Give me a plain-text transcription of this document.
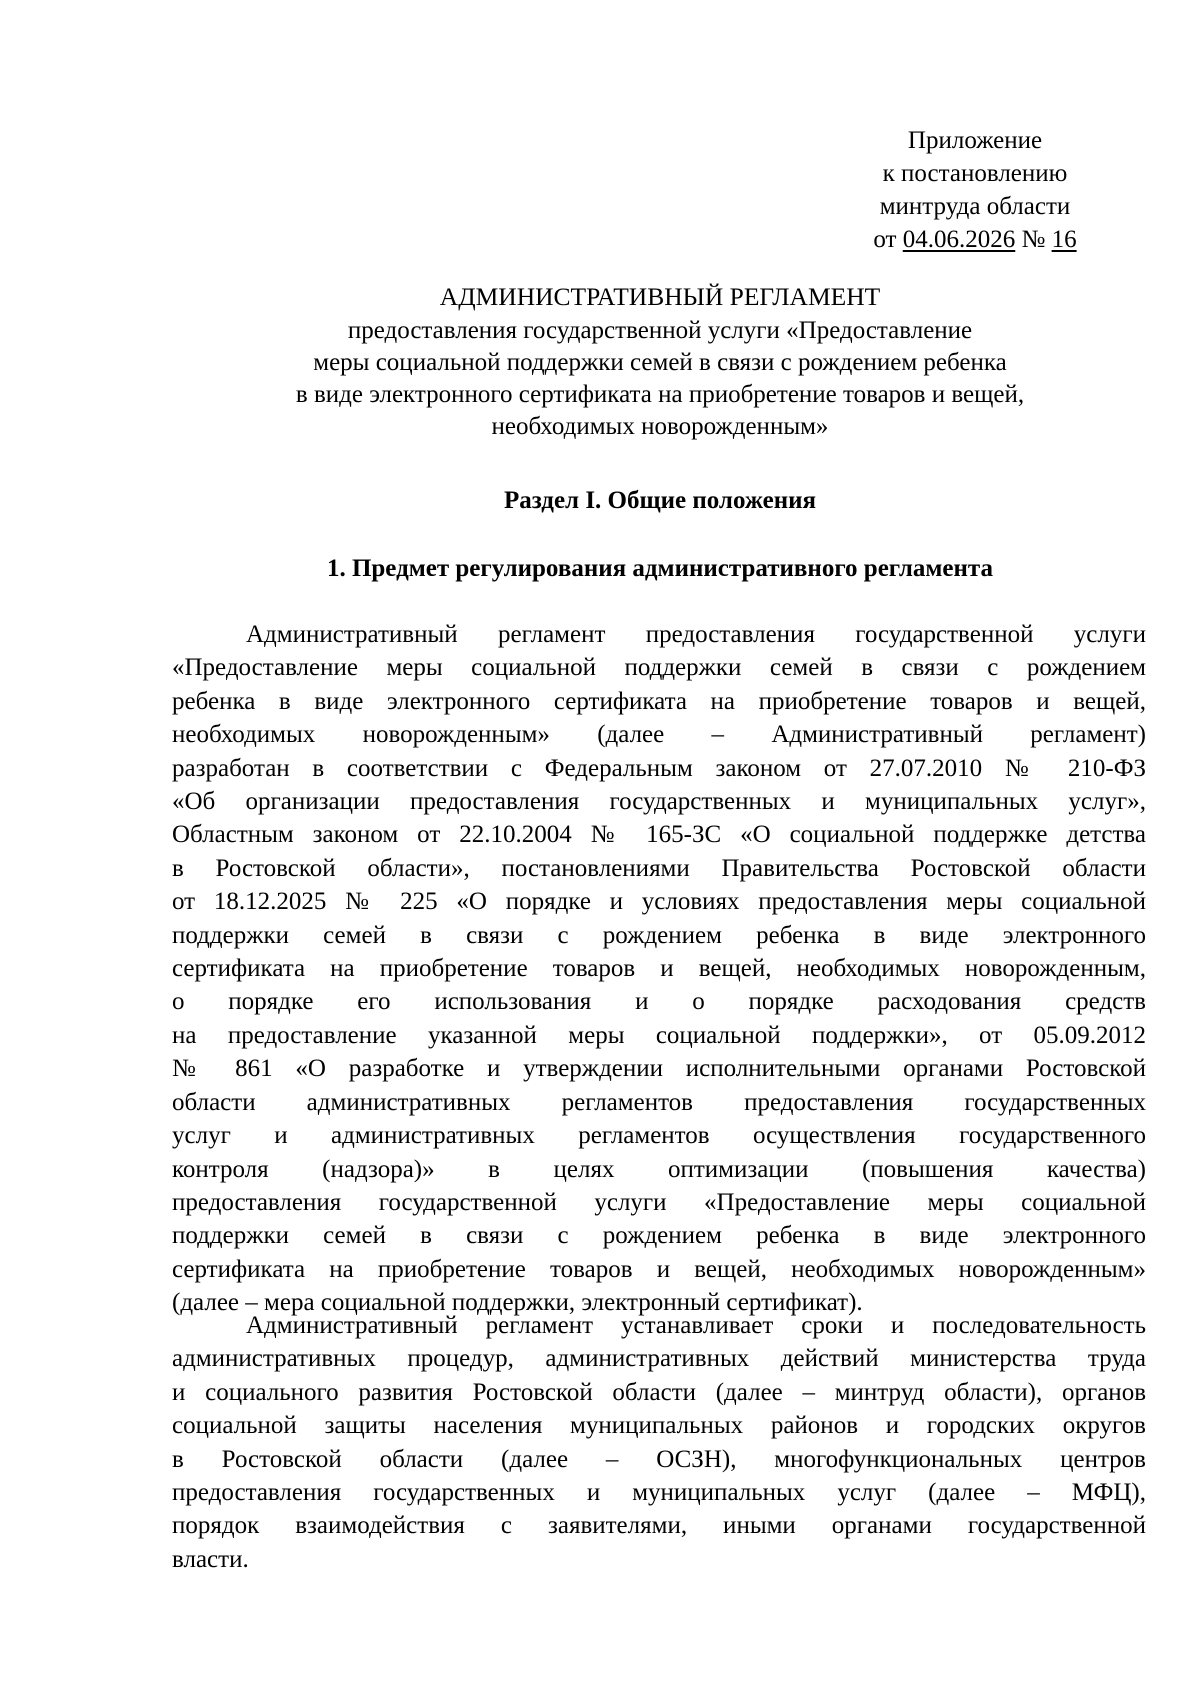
Приложение
к постановлению
минтруда области
от 04.06.2026 № 16
АДМИНИСТРАТИВНЫЙ РЕГЛАМЕНТ
предоставления государственной услуги «Предоставление
меры социальной поддержки семей в связи с рождением ребенка
в виде электронного сертификата на приобретение товаров и вещей,
необходимых новорожденным»
Раздел I. Общие положения
1. Предмет регулирования административного регламента
Административный регламент предоставления государственной услуги
«Предоставление меры социальной поддержки семей в связи с рождением
ребенка в виде электронного сертификата на приобретение товаров и вещей,
необходимых новорожденным» (далее – Административный регламент)
разработан в соответствии с Федеральным законом от 27.07.2010 № 210-ФЗ
«Об организации предоставления государственных и муниципальных услуг»,
Областным законом от 22.10.2004 № 165-ЗС «О социальной поддержке детства
в Ростовской области», постановлениями Правительства Ростовской области
от 18.12.2025 № 225 «О порядке и условиях предоставления меры социальной
поддержки семей в связи с рождением ребенка в виде электронного
сертификата на приобретение товаров и вещей, необходимых новорожденным,
о порядке его использования и о порядке расходования средств
на предоставление указанной меры социальной поддержки», от 05.09.2012
№ 861 «О разработке и утверждении исполнительными органами Ростовской
области административных регламентов предоставления государственных
услуг и административных регламентов осуществления государственного
контроля (надзора)» в целях оптимизации (повышения качества)
предоставления государственной услуги «Предоставление меры социальной
поддержки семей в связи с рождением ребенка в виде электронного
сертификата на приобретение товаров и вещей, необходимых новорожденным»
(далее – мера социальной поддержки, электронный сертификат).
Административный регламент устанавливает сроки и последовательность
административных процедур, административных действий министерства труда
и социального развития Ростовской области (далее – минтруд области), органов
социальной защиты населения муниципальных районов и городских округов
в Ростовской области (далее – ОСЗН), многофункциональных центров
предоставления государственных и муниципальных услуг (далее – МФЦ),
порядок взаимодействия с заявителями, иными органами государственной
власти.
